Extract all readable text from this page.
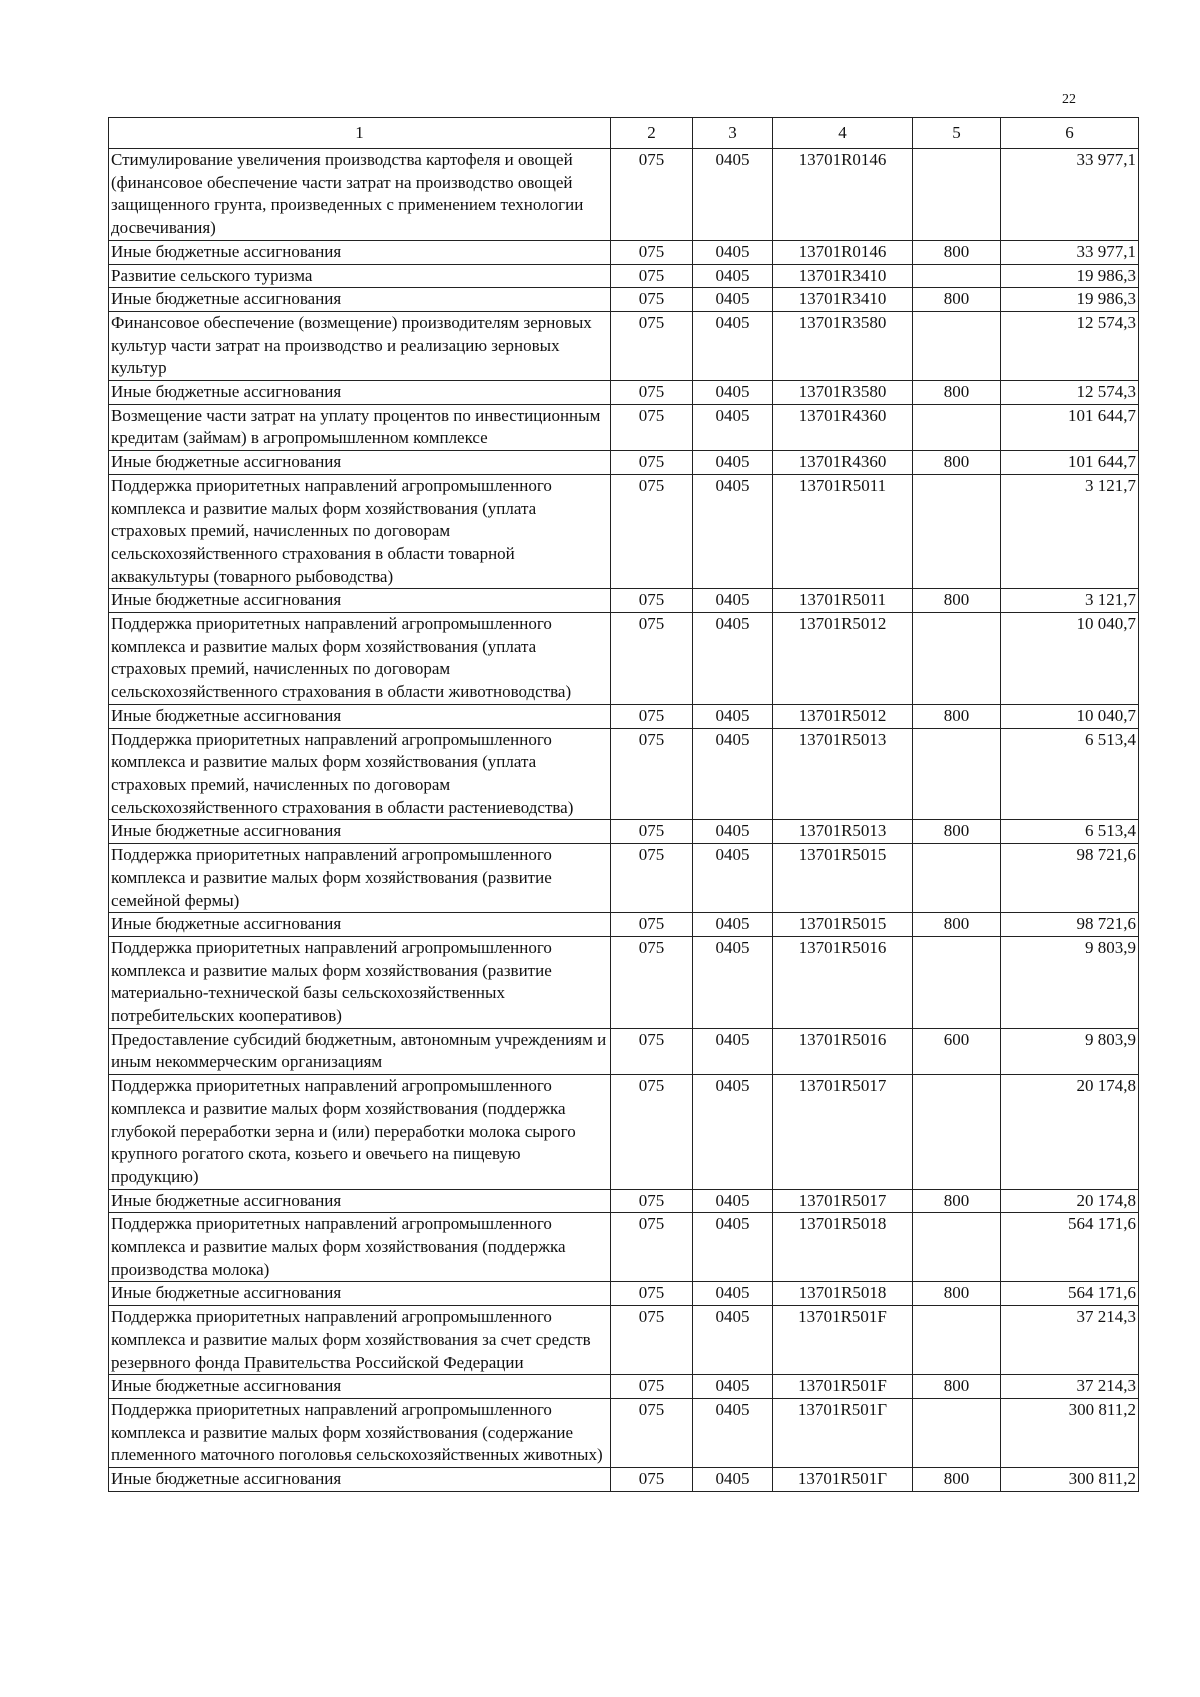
22
1	2	3	4	5	6
Стимулирование увеличения производства картофеля и овощей (финансовое обеспечение части затрат на производство овощей защищенного грунта, произведенных с применением технологии досвечивания)	075	0405	13701R0146		33 977,1
Иные бюджетные ассигнования	075	0405	13701R0146	800	33 977,1
Развитие сельского туризма	075	0405	13701R3410		19 986,3
Иные бюджетные ассигнования	075	0405	13701R3410	800	19 986,3
Финансовое обеспечение (возмещение) производителям зерновых культур части затрат на производство и реализацию зерновых культур	075	0405	13701R3580		12 574,3
Иные бюджетные ассигнования	075	0405	13701R3580	800	12 574,3
Возмещение части затрат на уплату процентов по инвестиционным кредитам (займам) в агропромышленном комплексе	075	0405	13701R4360		101 644,7
Иные бюджетные ассигнования	075	0405	13701R4360	800	101 644,7
Поддержка приоритетных направлений агропромышленного комплекса и развитие малых форм хозяйствования (уплата страховых премий, начисленных по договорам сельскохозяйственного страхования в области товарной аквакультуры (товарного рыбоводства)	075	0405	13701R5011		3 121,7
Иные бюджетные ассигнования	075	0405	13701R5011	800	3 121,7
Поддержка приоритетных направлений агропромышленного комплекса и развитие малых форм хозяйствования (уплата страховых премий, начисленных по договорам сельскохозяйственного страхования в области животноводства)	075	0405	13701R5012		10 040,7
Иные бюджетные ассигнования	075	0405	13701R5012	800	10 040,7
Поддержка приоритетных направлений агропромышленного комплекса и развитие малых форм хозяйствования (уплата страховых премий, начисленных по договорам сельскохозяйственного страхования в области растениеводства)	075	0405	13701R5013		6 513,4
Иные бюджетные ассигнования	075	0405	13701R5013	800	6 513,4
Поддержка приоритетных направлений агропромышленного комплекса и развитие малых форм хозяйствования (развитие семейной фермы)	075	0405	13701R5015		98 721,6
Иные бюджетные ассигнования	075	0405	13701R5015	800	98 721,6
Поддержка приоритетных направлений агропромышленного комплекса и развитие малых форм хозяйствования (развитие материально-технической базы сельскохозяйственных потребительских кооперативов)	075	0405	13701R5016		9 803,9
Предоставление субсидий бюджетным, автономным учреждениям и иным некоммерческим организациям	075	0405	13701R5016	600	9 803,9
Поддержка приоритетных направлений агропромышленного комплекса и развитие малых форм хозяйствования (поддержка глубокой переработки зерна и (или) переработки молока сырого крупного рогатого скота, козьего и овечьего на пищевую продукцию)	075	0405	13701R5017		20 174,8
Иные бюджетные ассигнования	075	0405	13701R5017	800	20 174,8
Поддержка приоритетных направлений агропромышленного комплекса и развитие малых форм хозяйствования (поддержка производства молока)	075	0405	13701R5018		564 171,6
Иные бюджетные ассигнования	075	0405	13701R5018	800	564 171,6
Поддержка приоритетных направлений агропромышленного комплекса и развитие малых форм хозяйствования за счет средств резервного фонда Правительства Российской Федерации	075	0405	13701R501F		37 214,3
Иные бюджетные ассигнования	075	0405	13701R501F	800	37 214,3
Поддержка приоритетных направлений агропромышленного комплекса и развитие малых форм хозяйствования (содержание племенного маточного поголовья сельскохозяйственных животных)	075	0405	13701R501Г		300 811,2
Иные бюджетные ассигнования	075	0405	13701R501Г	800	300 811,2
